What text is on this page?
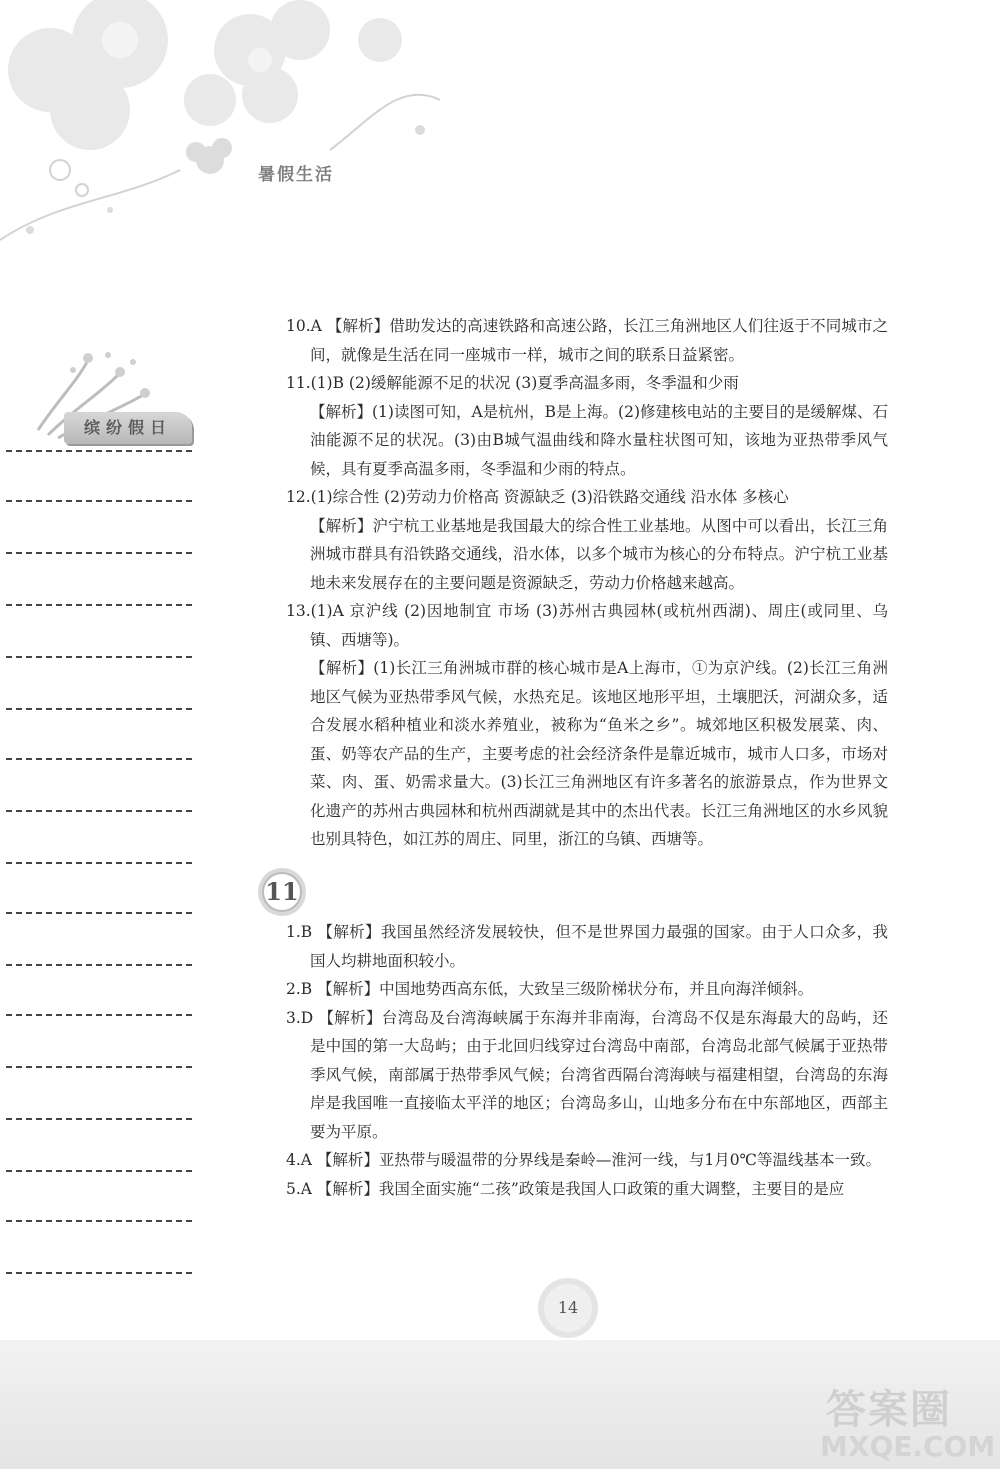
暑假生活
缤纷假日

10.A 【解析】借助发达的高速铁路和高速公路，长江三角洲地区人们往返于不同城市之间，就像是生活在同一座城市一样，城市之间的联系日益紧密。

11.(1)B (2)缓解能源不足的状况 (3)夏季高温多雨，冬季温和少雨

【解析】(1)读图可知，A是杭州，B是上海。(2)修建核电站的主要目的是缓解煤、石油能源不足的状况。(3)由B城气温曲线和降水量柱状图可知，该地为亚热带季风气候，具有夏季高温多雨，冬季温和少雨的特点。

12.(1)综合性 (2)劳动力价格高 资源缺乏 (3)沿铁路交通线 沿水体 多核心

【解析】沪宁杭工业基地是我国最大的综合性工业基地。从图中可以看出，长江三角洲城市群具有沿铁路交通线，沿水体，以多个城市为核心的分布特点。沪宁杭工业基地未来发展存在的主要问题是资源缺乏，劳动力价格越来越高。

13.(1)A 京沪线 (2)因地制宜 市场 (3)苏州古典园林(或杭州西湖)、周庄(或同里、乌镇、西塘等)。

【解析】(1)长江三角洲城市群的核心城市是A上海市，①为京沪线。(2)长江三角洲地区气候为亚热带季风气候，水热充足。该地区地形平坦，土壤肥沃，河湖众多，适合发展水稻种植业和淡水养殖业，被称为“鱼米之乡”。城郊地区积极发展菜、肉、蛋、奶等农产品的生产，主要考虑的社会经济条件是靠近城市，城市人口多，市场对菜、肉、蛋、奶需求量大。(3)长江三角洲地区有许多著名的旅游景点，作为世界文化遗产的苏州古典园林和杭州西湖就是其中的杰出代表。长江三角洲地区的水乡风貌也别具特色，如江苏的周庄、同里，浙江的乌镇、西塘等。

11

1.B 【解析】我国虽然经济发展较快，但不是世界国力最强的国家。由于人口众多，我国人均耕地面积较小。

2.B 【解析】中国地势西高东低，大致呈三级阶梯状分布，并且向海洋倾斜。

3.D 【解析】台湾岛及台湾海峡属于东海并非南海，台湾岛不仅是东海最大的岛屿，还是中国的第一大岛屿；由于北回归线穿过台湾岛中南部，台湾岛北部气候属于亚热带季风气候，南部属于热带季风气候；台湾省西隔台湾海峡与福建相望，台湾岛的东海岸是我国唯一直接临太平洋的地区；台湾岛多山，山地多分布在中东部地区，西部主要为平原。

4.A 【解析】亚热带与暖温带的分界线是秦岭—淮河一线，与1月0℃等温线基本一致。

5.A 【解析】我国全面实施“二孩”政策是我国人口政策的重大调整，主要目的是应

14
答案圈
MXQE.COM
